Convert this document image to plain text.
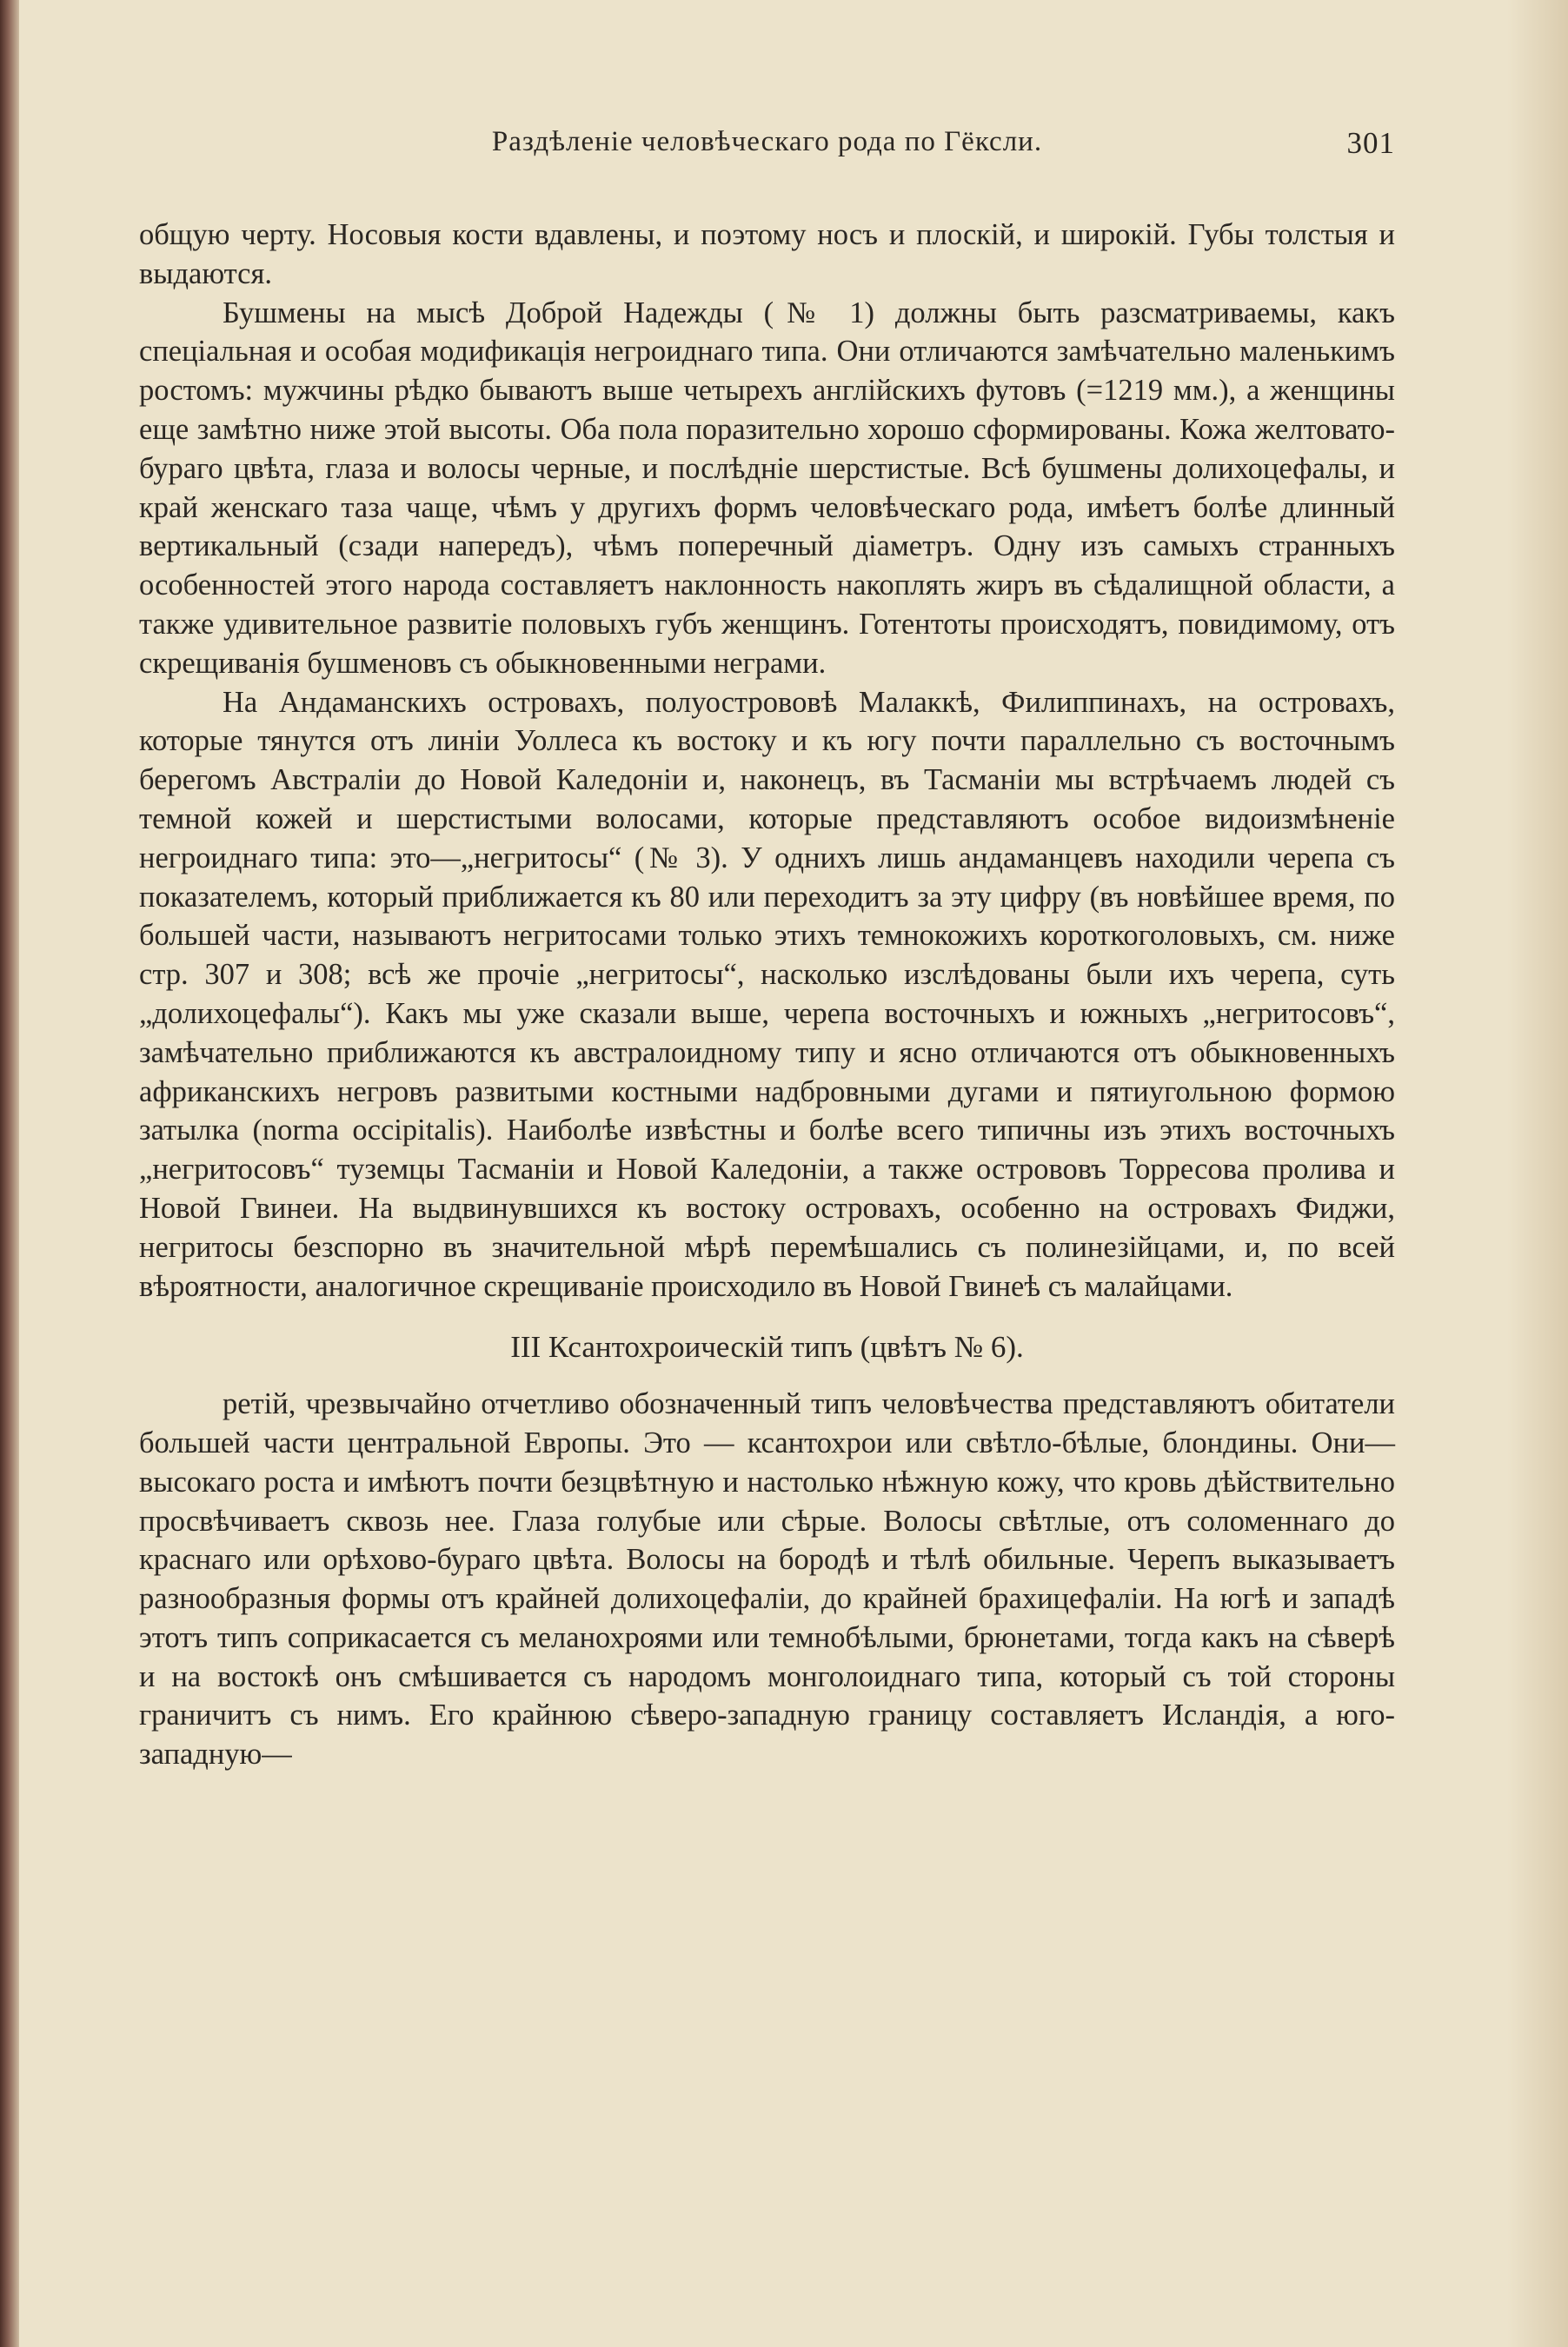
Раздѣленіе человѣческаго рода по Гёксли.	301

общую черту. Носовыя кости вдавлены, и поэтому носъ и плоскій, и широкій. Губы толстыя и выдаются.

Бушмены на мысѣ Доброй Надежды (№ 1) должны быть разсматриваемы, какъ спеціальная и особая модификація негроиднаго типа. Они отличаются замѣчательно маленькимъ ростомъ: мужчины рѣдко бываютъ выше четырехъ англійскихъ футовъ (=1219 мм.), а женщины еще замѣтно ниже этой высоты. Оба пола поразительно хорошо сформированы. Кожа желтовато-бураго цвѣта, глаза и волосы черные, и послѣдніе шерстистые. Всѣ бушмены долихоцефалы, и край женскаго таза чаще, чѣмъ у другихъ формъ человѣческаго рода, имѣетъ болѣе длинный вертикальный (сзади напередъ), чѣмъ поперечный діаметръ. Одну изъ самыхъ странныхъ особенностей этого народа составляетъ наклонность накоплять жиръ въ сѣдалищной области, а также удивительное развитіе половыхъ губъ женщинъ. Готентоты происходятъ, повидимому, отъ скрещиванія бушменовъ съ обыкновенными неграми.

На Андаманскихъ островахъ, полуострововѣ Малаккѣ, Филиппинахъ, на островахъ, которые тянутся отъ линіи Уоллеса къ востоку и къ югу почти параллельно съ восточнымъ берегомъ Австраліи до Новой Каледоніи и, наконецъ, въ Тасманіи мы встрѣчаемъ людей съ темной кожей и шерстистыми волосами, которые представляютъ особое видоизмѣненіе негроиднаго типа: это—„негритосы“ (№ 3). У однихъ лишь андаманцевъ находили черепа съ показателемъ, который приближается къ 80 или переходитъ за эту цифру (въ новѣйшее время, по большей части, называютъ негритосами только этихъ темнокожихъ короткоголовыхъ, см. ниже стр. 307 и 308; всѣ же прочіе „негритосы“, насколько изслѣдованы были ихъ черепа, суть „долихоцефалы“). Какъ мы уже сказали выше, черепа восточныхъ и южныхъ „негритосовъ“, замѣчательно приближаются къ австралоидному типу и ясно отличаются отъ обыкновенныхъ африканскихъ негровъ развитыми костными надбровными дугами и пятиугольною формою затылка (norma occipitalis). Наиболѣе извѣстны и болѣе всего типичны изъ этихъ восточныхъ „негритосовъ“ туземцы Тасманіи и Новой Каледоніи, а также острововъ Торресова пролива и Новой Гвинеи. На выдвинувшихся къ востоку островахъ, особенно на островахъ Фиджи, негритосы безспорно въ значительной мѣрѣ перемѣшались съ полинезійцами, и, по всей вѣроятности, аналогичное скрещиваніе происходило въ Новой Гвинеѣ съ малайцами.

III Ксантохроическій типъ (цвѣтъ № 6).

ретій, чрезвычайно отчетливо обозначенный типъ человѣчества представляютъ обитатели большей части центральной Европы. Это — ксантохрои или свѣтло-бѣлые, блондины. Они—высокаго роста и имѣютъ почти безцвѣтную и настолько нѣжную кожу, что кровь дѣйствительно просвѣчиваетъ сквозь нее. Глаза голубые или сѣрые. Волосы свѣтлые, отъ соломеннаго до краснаго или орѣхово-бураго цвѣта. Волосы на бородѣ и тѣлѣ обильные. Черепъ выказываетъ разнообразныя формы отъ крайней долихоцефаліи, до крайней брахицефаліи. На югѣ и западѣ этотъ типъ соприкасается съ меланохроями или темнобѣлыми, брюнетами, тогда какъ на сѣверѣ и на востокѣ онъ смѣшивается съ народомъ монголоиднаго типа, который съ той стороны граничитъ съ нимъ. Его крайнюю сѣверо-западную границу составляетъ Исландія, а юго-западную—
